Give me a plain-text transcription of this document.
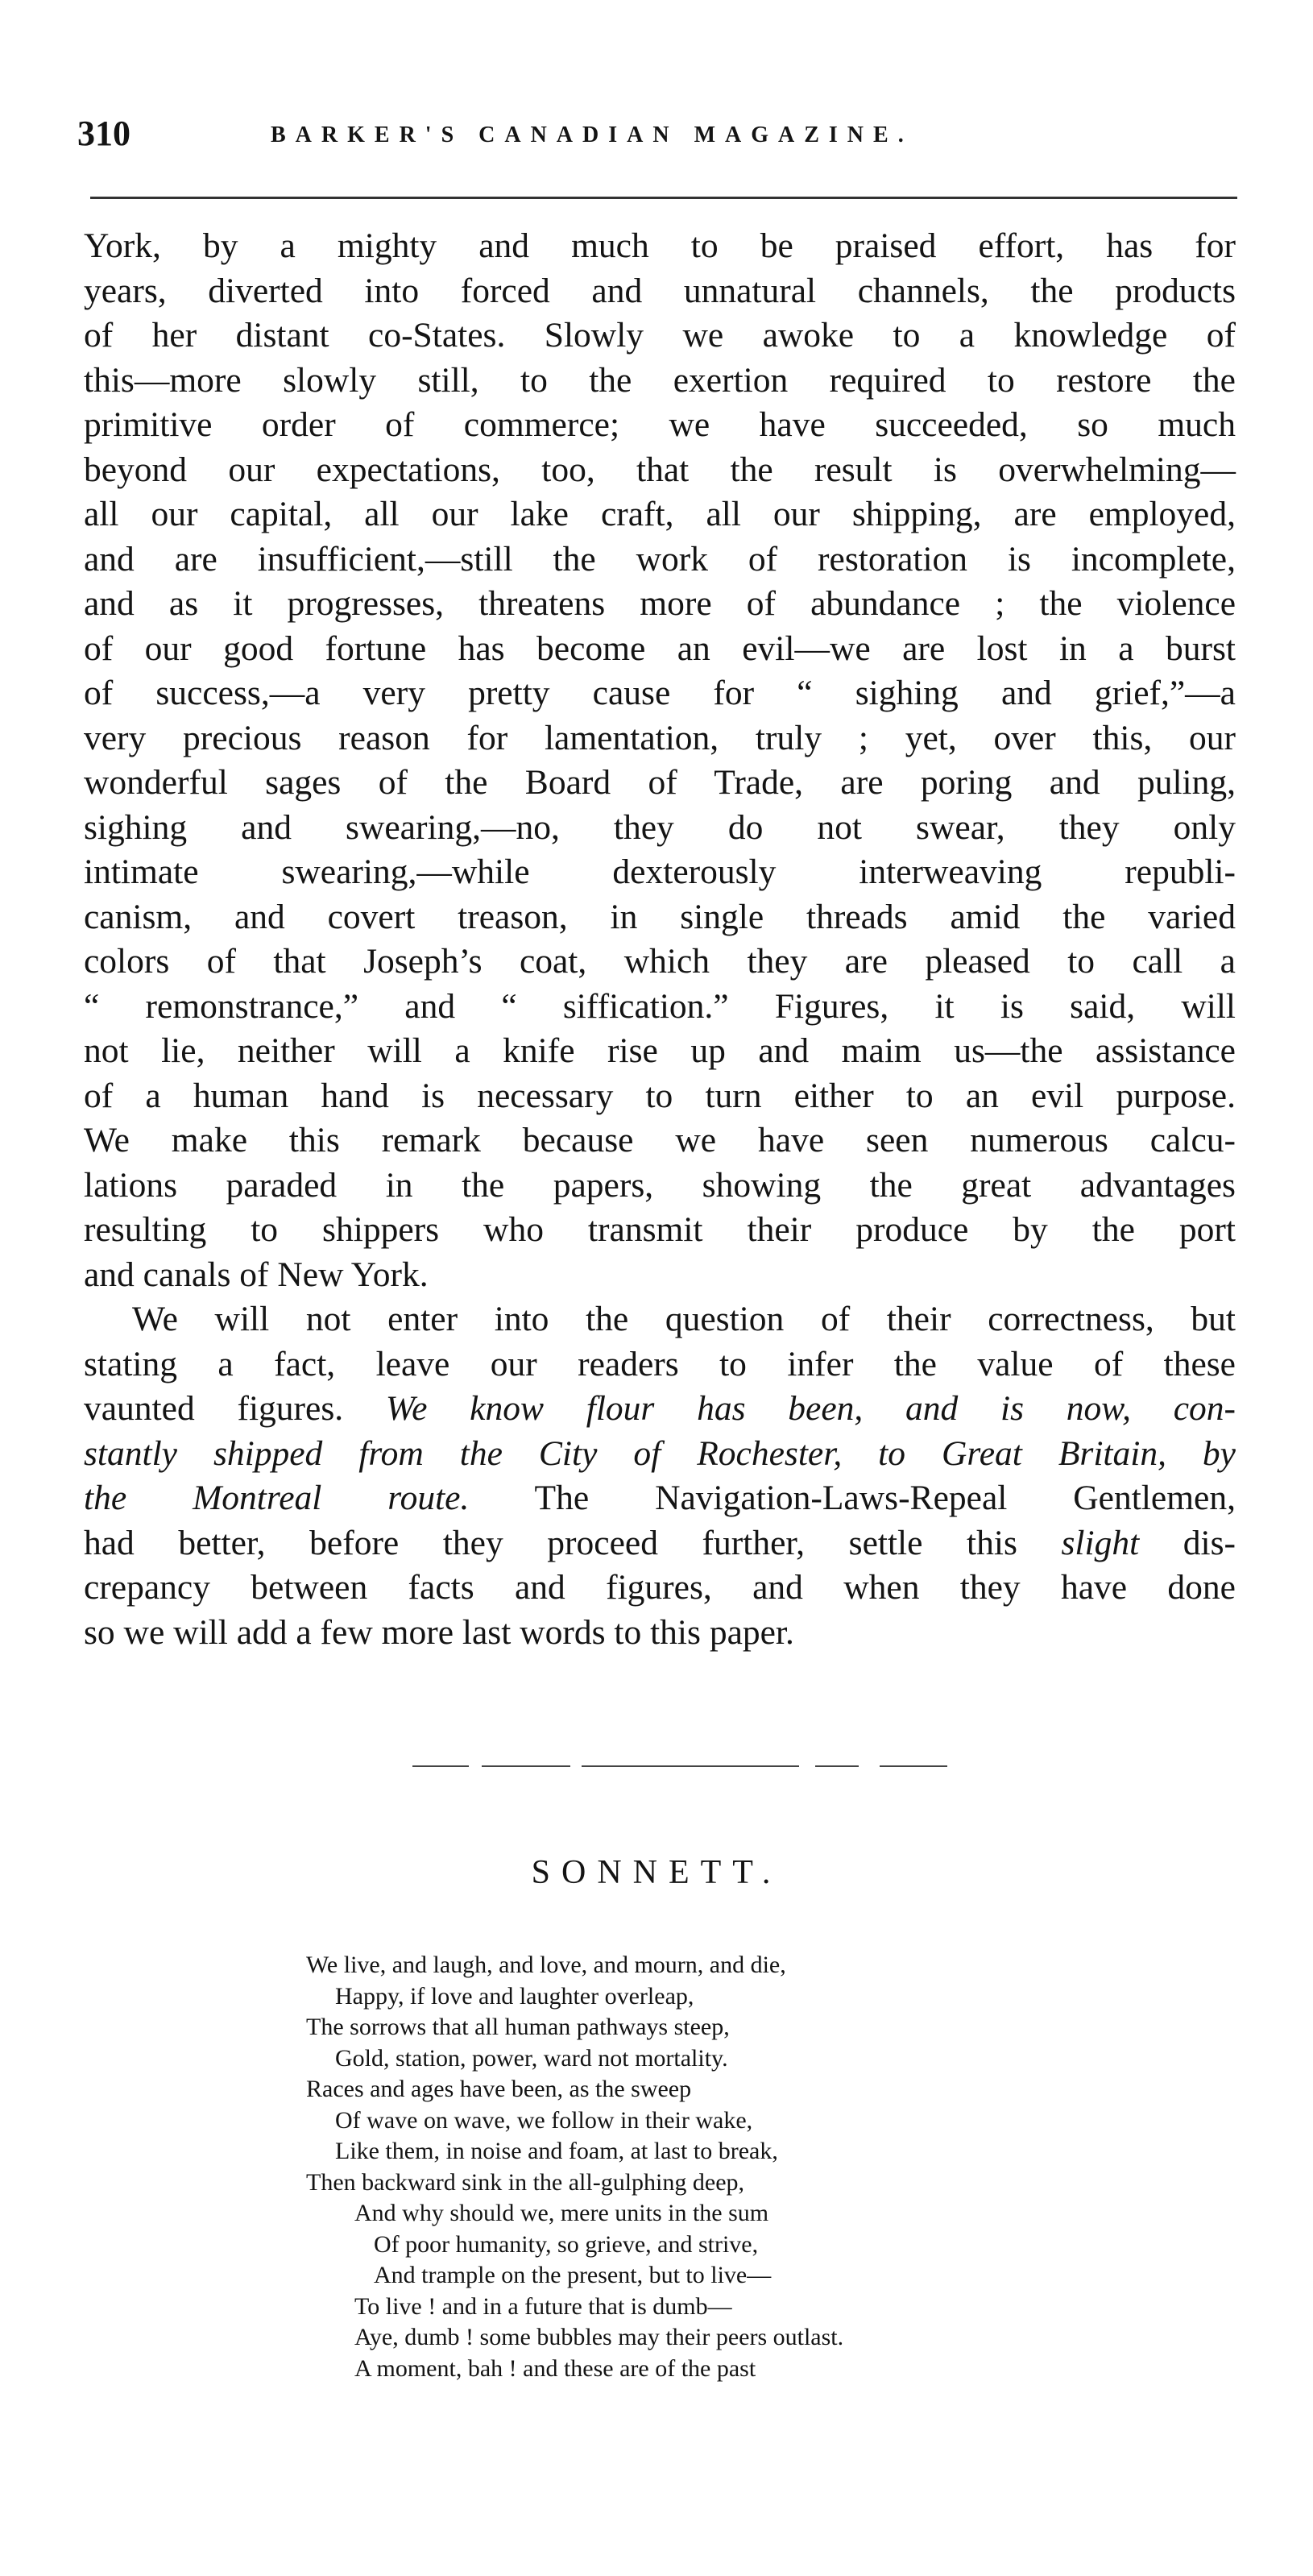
310	BARKER'S CANADIAN MAGAZINE.

York, by a mighty and much to be praised effort, has for
years, diverted into forced and unnatural channels, the products
of her distant co-States. Slowly we awoke to a knowledge of
this—more slowly still, to the exertion required to restore the
primitive order of commerce; we have succeeded, so much
beyond our expectations, too, that the result is overwhelming—
all our capital, all our lake craft, all our shipping, are employed,
and are insufficient,—still the work of restoration is incomplete,
and as it progresses, threatens more of abundance ; the violence
of our good fortune has become an evil—we are lost in a burst
of success,—a very pretty cause for “ sighing and grief,”—a
very precious reason for lamentation, truly ; yet, over this, our
wonderful sages of the Board of Trade, are poring and puling,
sighing and swearing,—no, they do not swear, they only
intimate swearing,—while dexterously interweaving republi-
canism, and covert treason, in single threads amid the varied
colors of that Joseph’s coat, which they are pleased to call a
“ remonstrance,” and “ siffication.” Figures, it is said, will
not lie, neither will a knife rise up and maim us—the assistance
of a human hand is necessary to turn either to an evil purpose.
We make this remark because we have seen numerous calcu-
lations paraded in the papers, showing the great advantages
resulting to shippers who transmit their produce by the port
and canals of New York.

We will not enter into the question of their correctness, but
stating a fact, leave our readers to infer the value of these
vaunted figures. We know flour has been, and is now, con-
stantly shipped from the City of Rochester, to Great Britain, by
the Montreal route. The Navigation-Laws-Repeal Gentlemen,
had better, before they proceed further, settle this slight dis-
crepancy between facts and figures, and when they have done
so we will add a few more last words to this paper.

SONNETT.
We live, and laugh, and love, and mourn, and die,
Happy, if love and laughter overleap,
The sorrows that all human pathways steep,
Gold, station, power, ward not mortality.
Races and ages have been, as the sweep
Of wave on wave, we follow in their wake,
Like them, in noise and foam, at last to break,
Then backward sink in the all-gulphing deep,
And why should we, mere units in the sum
Of poor humanity, so grieve, and strive,
And trample on the present, but to live—
To live ! and in a future that is dumb—
Aye, dumb ! some bubbles may their peers outlast.
A moment, bah ! and these are of the past
